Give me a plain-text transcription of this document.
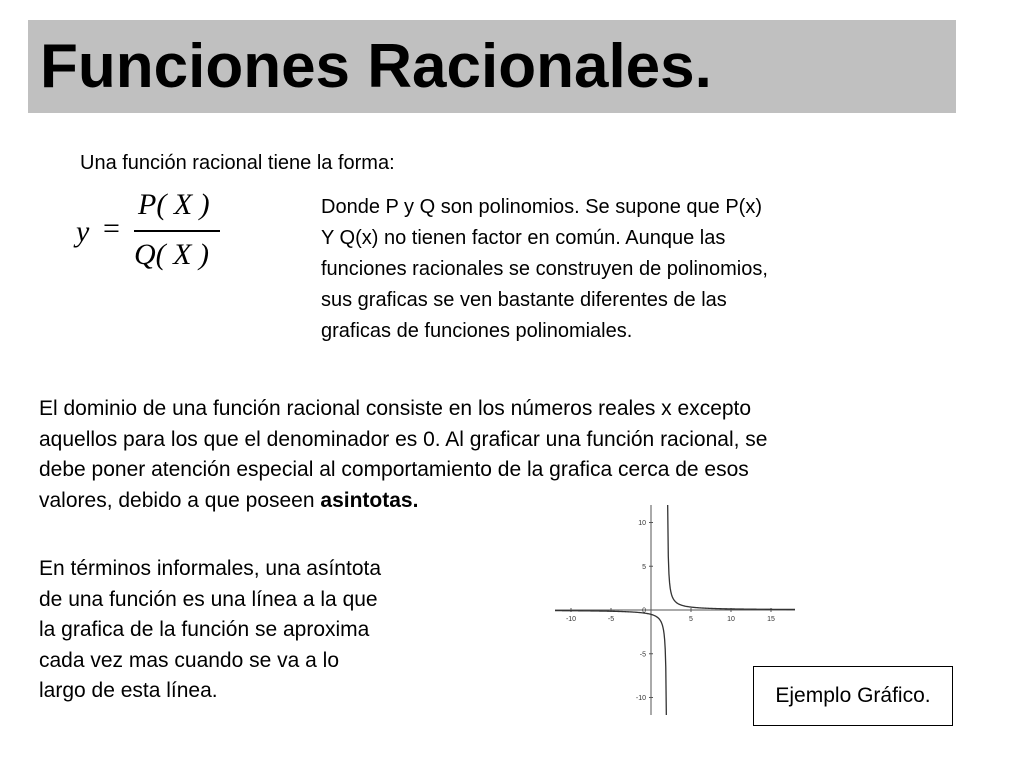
Funciones Racionales.
Una función racional tiene la forma:
y =
P( X )
Q( X )
Donde P y Q son polinomios. Se supone que P(x)
Y Q(x) no tienen factor en común. Aunque las
funciones racionales se construyen de polinomios,
sus graficas se ven bastante diferentes de las
graficas de funciones polinomiales.
El dominio de una función racional consiste en los números reales x excepto
aquellos para los que el denominador es 0. Al graficar una función racional, se
debe poner atención especial al comportamiento de la grafica cerca de esos
valores, debido a que poseen asintotas.
En términos informales, una asíntota
de una función es una línea a la que
la grafica de la función se aproxima
cada vez mas cuando se va a lo
largo de esta línea.
-10	-5	5	10	15
10
5
0
-5
-10	Ejemplo Gráfico.
